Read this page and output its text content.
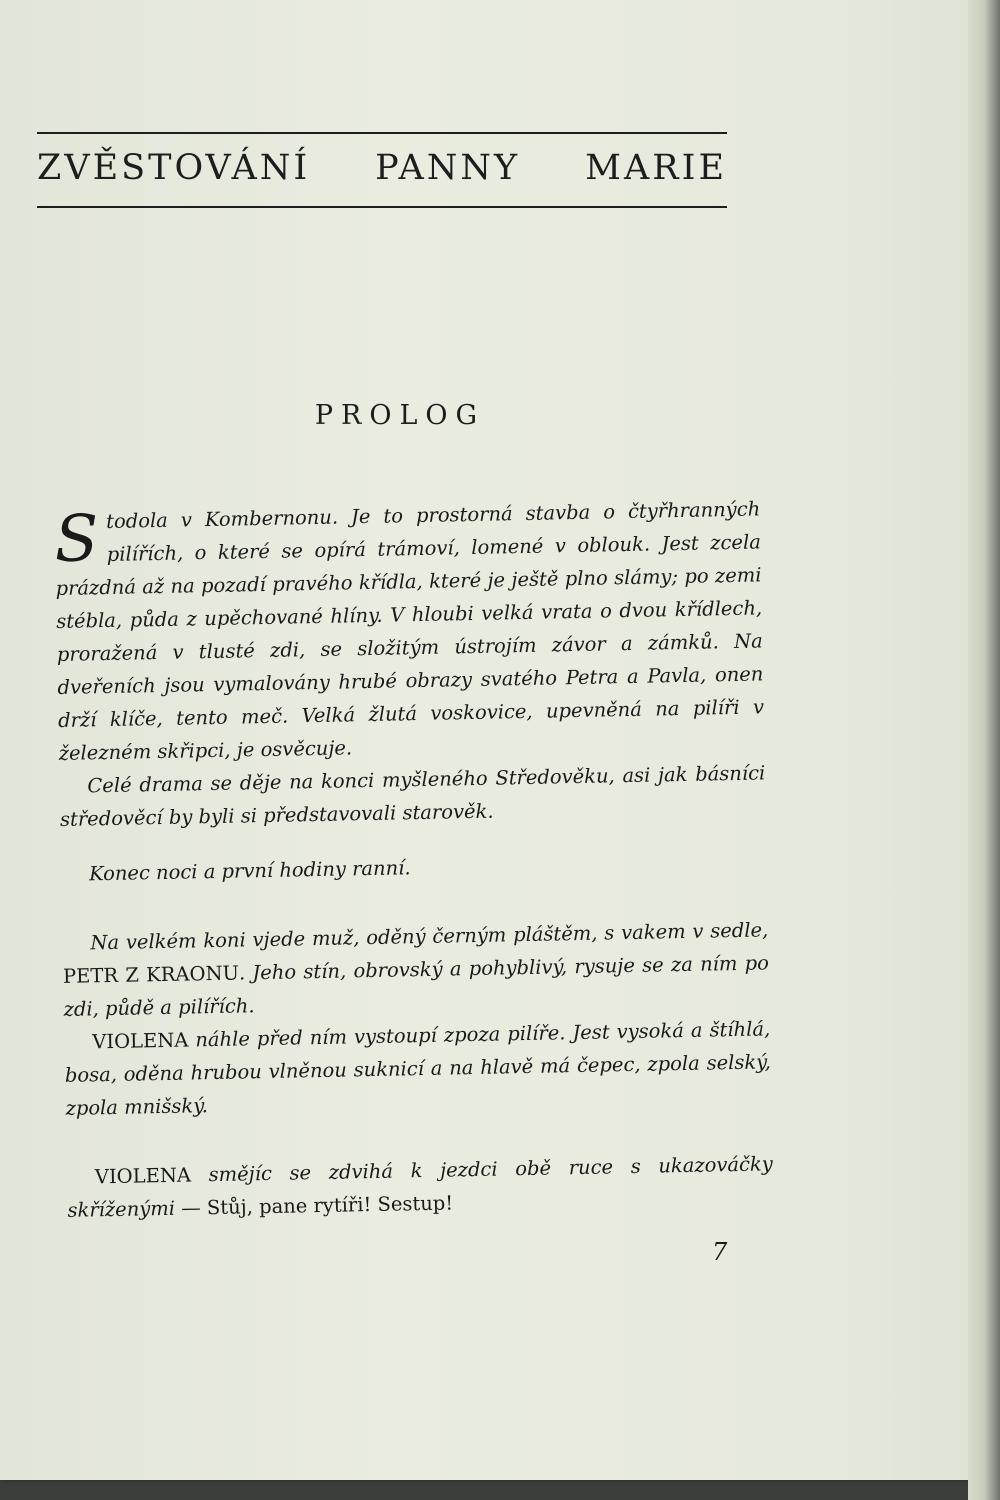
ZVĚSTOVÁNÍ PANNY MARIE
PROLOG

Stodola v Kombernonu. Je to prostorná stavba o čtyřhranných pilířích, o které se opírá trámoví, lomené v oblouk. Jest zcela prázdná až na pozadí pravého křídla, které je ještě plno slámy; po zemi stébla, půda z upěchované hlíny. V hloubi velká vrata o dvou křídlech, proražená v tlusté zdi, se složitým ústrojím závor a zámků. Na dveřeních jsou vymalovány hrubé obrazy svatého Petra a Pavla, onen drží klíče, tento meč. Velká žlutá voskovice, upevněná na pilíři v železném skřipci, je osvěcuje.

Celé drama se děje na konci myšleného Středověku, asi jak básníci středověcí by byli si představovali starověk.

Konec noci a první hodiny ranní.

Na velkém koni vjede muž, oděný černým pláštěm, s vakem v sedle, PETR Z KRAONU. Jeho stín, obrovský a pohyblivý, rysuje se za ním po zdi, půdě a pilířích.

VIOLENA náhle před ním vystoupí zpoza pilíře. Jest vysoká a štíhlá, bosa, oděna hrubou vlněnou suknicí a na hlavě má čepec, zpola selský, zpola mnišský.

VIOLENA smějíc se zdvihá k jezdci obě ruce s ukazováčky skříženými — Stůj, pane rytíři! Sestup!

7
